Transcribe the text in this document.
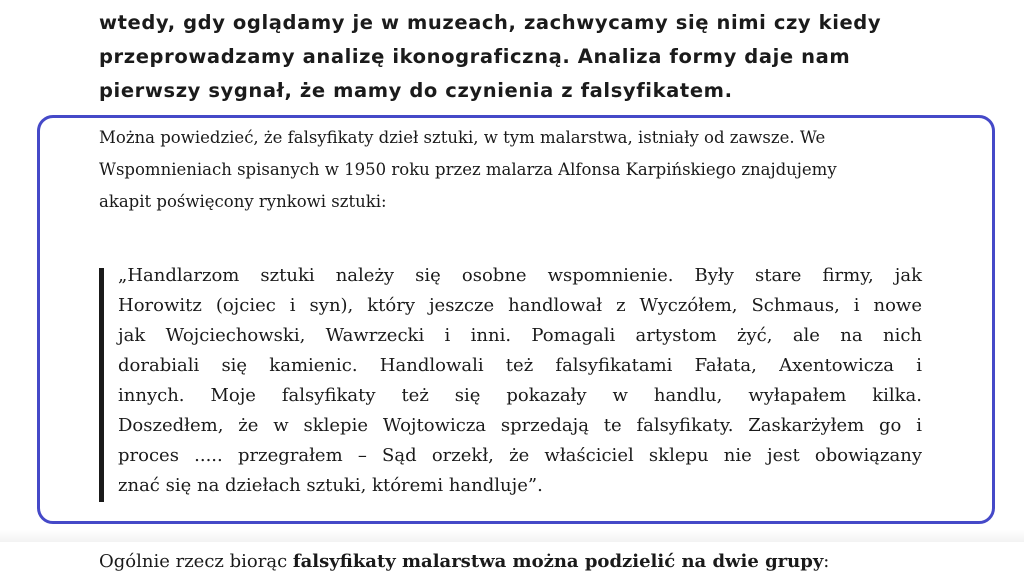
wtedy, gdy oglądamy je w muzeach, zachwycamy się nimi czy kiedy
przeprowadzamy analizę ikonograficzną. Analiza formy daje nam
pierwszy sygnał, że mamy do czynienia z falsyfikatem.

Można powiedzieć, że falsyfikaty dzieł sztuki, w tym malarstwa, istniały od zawsze. We
Wspomnieniach spisanych w 1950 roku przez malarza Alfonsa Karpińskiego znajdujemy
akapit poświęcony rynkowi sztuki:

„Handlarzom sztuki należy się osobne wspomnienie. Były stare firmy, jak
Horowitz (ojciec i syn), który jeszcze handlował z Wyczółem, Schmaus, i nowe
jak Wojciechowski, Wawrzecki i inni. Pomagali artystom żyć, ale na nich
dorabiali się kamienic. Handlowali też falsyfikatami Fałata, Axentowicza i
innych. Moje falsyfikaty też się pokazały w handlu, wyłapałem kilka.
Doszedłem, że w sklepie Wojtowicza sprzedają te falsyfikaty. Zaskarżyłem go i
proces ..... przegrałem – Sąd orzekł, że właściciel sklepu nie jest obowiązany
znać się na dziełach sztuki, któremi handluje”.

Ogólnie rzecz biorąc falsyfikaty malarstwa można podzielić na dwie grupy:
